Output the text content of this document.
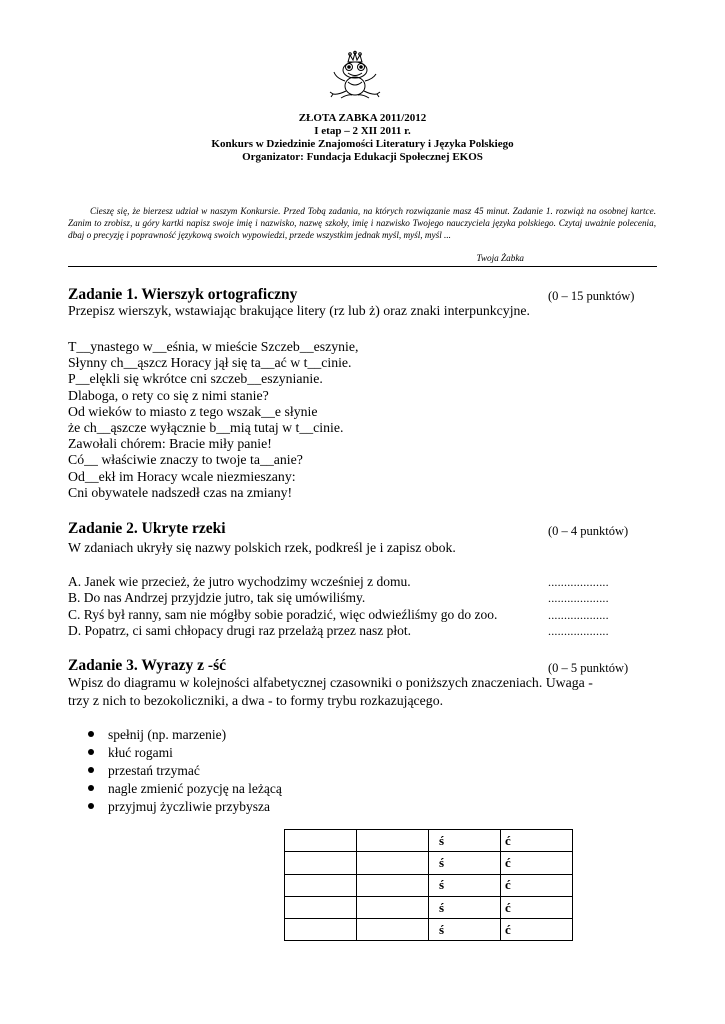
ZŁOTA ZABKA 2011/2012
I etap – 2 XII 2011 r.
Konkurs w Dziedzinie Znajomości Literatury i Języka Polskiego
Organizator: Fundacja Edukacji Społecznej EKOS
Cieszę się, że bierzesz udział w naszym Konkursie. Przed Tobą zadania, na których rozwiązanie masz 45 minut. Zadanie 1. rozwiąż na osobnej kartce. Zanim to zrobisz, u góry kartki napisz swoje imię i nazwisko, nazwę szkoły, imię i nazwisko Twojego nauczyciela języka polskiego. Czytaj uważnie polecenia, dbaj o precyzję i poprawność językową swoich wypowiedzi, przede wszystkim jednak myśl, myśl, myśl ...
Twoja Żabka
Zadanie 1. Wierszyk ortograficzny	(0 – 15 punktów)
Przepisz wierszyk, wstawiając brakujące litery (rz lub ż) oraz znaki interpunkcyjne.
T__ynastego w__eśnia, w mieście Szczeb__eszynie,
Słynny ch__ąszcz Horacy jął się ta__ać w t__cinie.
P__elękli się wkrótce cni szczeb__eszynianie.
Dlaboga, o rety co się z nimi stanie?
Od wieków to miasto z tego wszak__e słynie
że ch__ąszcze wyłącznie b__mią tutaj w t__cinie.
Zawołali chórem: Bracie miły panie!
Có__ właściwie znaczy to twoje ta__anie?
Od__ekł im Horacy wcale niezmieszany:
Cni obywatele nadszedł czas na zmiany!
Zadanie 2. Ukryte rzeki	(0 – 4 punktów)
W zdaniach ukryły się nazwy polskich rzek, podkreśl je i zapisz obok.
A. Janek wie przecież, że jutro wychodzimy wcześniej z domu.	...................
B. Do nas Andrzej przyjdzie jutro, tak się umówiliśmy.	...................
C. Ryś był ranny, sam nie mógłby sobie poradzić, więc odwieźliśmy go do zoo.	...................
D. Popatrz, ci sami chłopacy drugi raz przelażą przez nasz płot.	...................
Zadanie 3. Wyrazy z -ść	(0 – 5 punktów)
Wpisz do diagramu w kolejności alfabetycznej czasowniki o poniższych znaczeniach. Uwaga -
trzy z nich to bezokoliczniki, a dwa - to formy trybu rozkazującego.
spełnij (np. marzenie)
kłuć rogami
przestań trzymać
nagle zmienić pozycję na leżącą
przyjmuj życzliwie przybysza
		ś	ć
		ś	ć
		ś	ć
		ś	ć
		ś	ć
